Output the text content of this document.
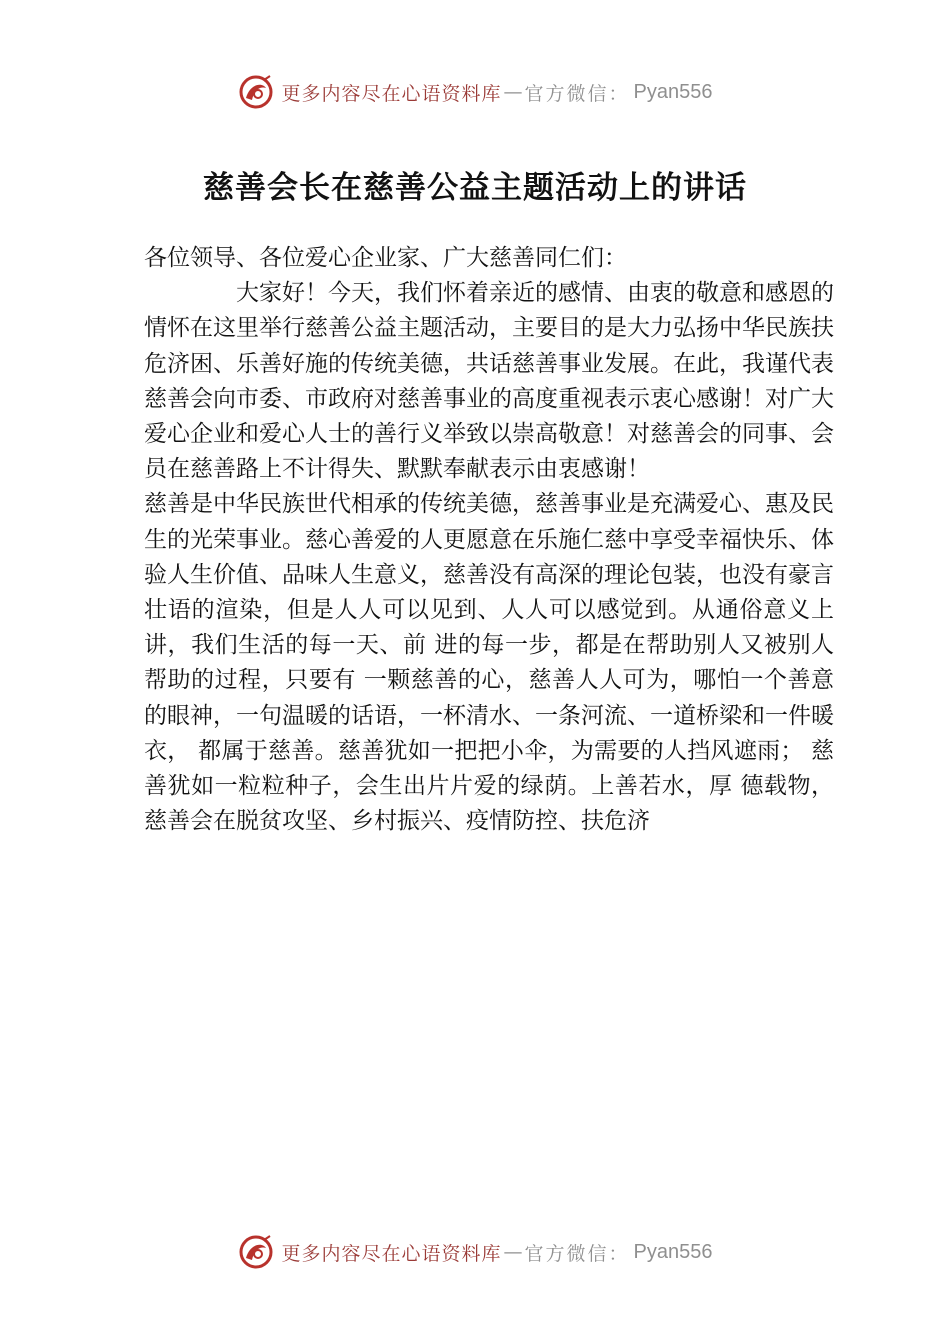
更多内容尽在心语资料库 — 官方微信： Pyan556
慈善会长在慈善公益主题活动上的讲话

各位领导、各位爱心企业家、广大慈善同仁们：

大家好！今天，我们怀着亲近的感情、由衷的敬意和感恩的情怀在这里举行慈善公益主题活动，主要目的是大力弘扬中华民族扶危济困、乐善好施的传统美德，共话慈善事业发展。在此，我谨代表慈善会向市委、市政府对慈善事业的高度重视表示衷心感谢！对广大爱心企业和爱心人士的善行义举致以崇高敬意！对慈善会的同事、会员在慈善路上不计得失、默默奉献表示由衷感谢！

慈善是中华民族世代相承的传统美德，慈善事业是充满爱心、惠及民生的光荣事业。慈心善爱的人更愿意在乐施仁慈中享受幸福快乐、体验人生价值、品味人生意义，慈善没有高深的理论包装，也没有豪言壮语的渲染，但是人人可以见到、人人可以感觉到。从通俗意义上讲，我们生活的每一天、前 进的每一步，都是在帮助别人又被别人帮助的过程，只要有 一颗慈善的心，慈善人人可为，哪怕一个善意的眼神，一句温暖的话语，一杯清水、一条河流、一道桥梁和一件暖衣， 都属于慈善。慈善犹如一把把小伞，为需要的人挡风遮雨； 慈善犹如一粒粒种子，会生出片片爱的绿荫。上善若水，厚 德载物，慈善会在脱贫攻坚、乡村振兴、疫情防控、扶危济

更多内容尽在心语资料库 — 官方微信： Pyan556
